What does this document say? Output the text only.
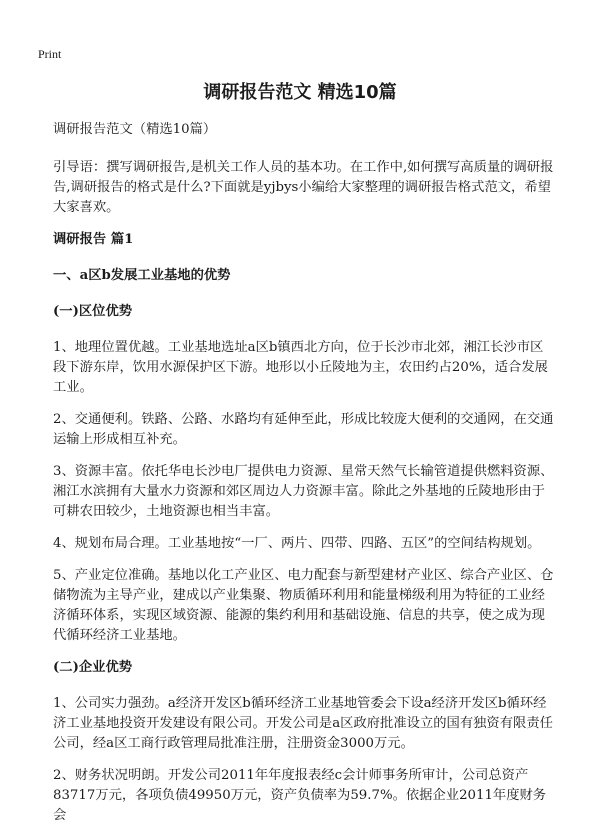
Print
调研报告范文 精选10篇

调研报告范文（精选10篇）

引导语：撰写调研报告,是机关工作人员的基本功。在工作中,如何撰写高质量的调研报告,调研报告的格式是什么?下面就是yjbys小编给大家整理的调研报告格式范文，希望大家喜欢。

调研报告 篇1
一、a区b发展工业基地的优势
(一)区位优势

1、地理位置优越。工业基地选址a区b镇西北方向，位于长沙市北郊，湘江长沙市区段下游东岸，饮用水源保护区下游。地形以小丘陵地为主，农田约占20%，适合发展工业。

2、交通便利。铁路、公路、水路均有延伸至此，形成比较庞大便利的交通网，在交通运输上形成相互补充。

3、资源丰富。依托华电长沙电厂提供电力资源、星常天然气长输管道提供燃料资源、湘江水滨拥有大量水力资源和郊区周边人力资源丰富。除此之外基地的丘陵地形由于可耕农田较少，土地资源也相当丰富。

4、规划布局合理。工业基地按“一厂、两片、四带、四路、五区”的空间结构规划。

5、产业定位准确。基地以化工产业区、电力配套与新型建材产业区、综合产业区、仓储物流为主导产业，建成以产业集聚、物质循环利用和能量梯级利用为特征的工业经济循环体系，实现区域资源、能源的集约利用和基础设施、信息的共享，使之成为现代循环经济工业基地。

(二)企业优势

1、公司实力强劲。a经济开发区b循环经济工业基地管委会下设a经济开发区b循环经济工业基地投资开发建设有限公司。开发公司是a区政府批准设立的国有独资有限责任公司，经a区工商行政管理局批准注册，注册资金3000万元。

2、财务状况明朗。开发公司2011年年度报表经c会计师事务所审计，公司总资产83717万元，各项负债49950万元，资产负债率为59.7%。依据企业2011年度财务会
